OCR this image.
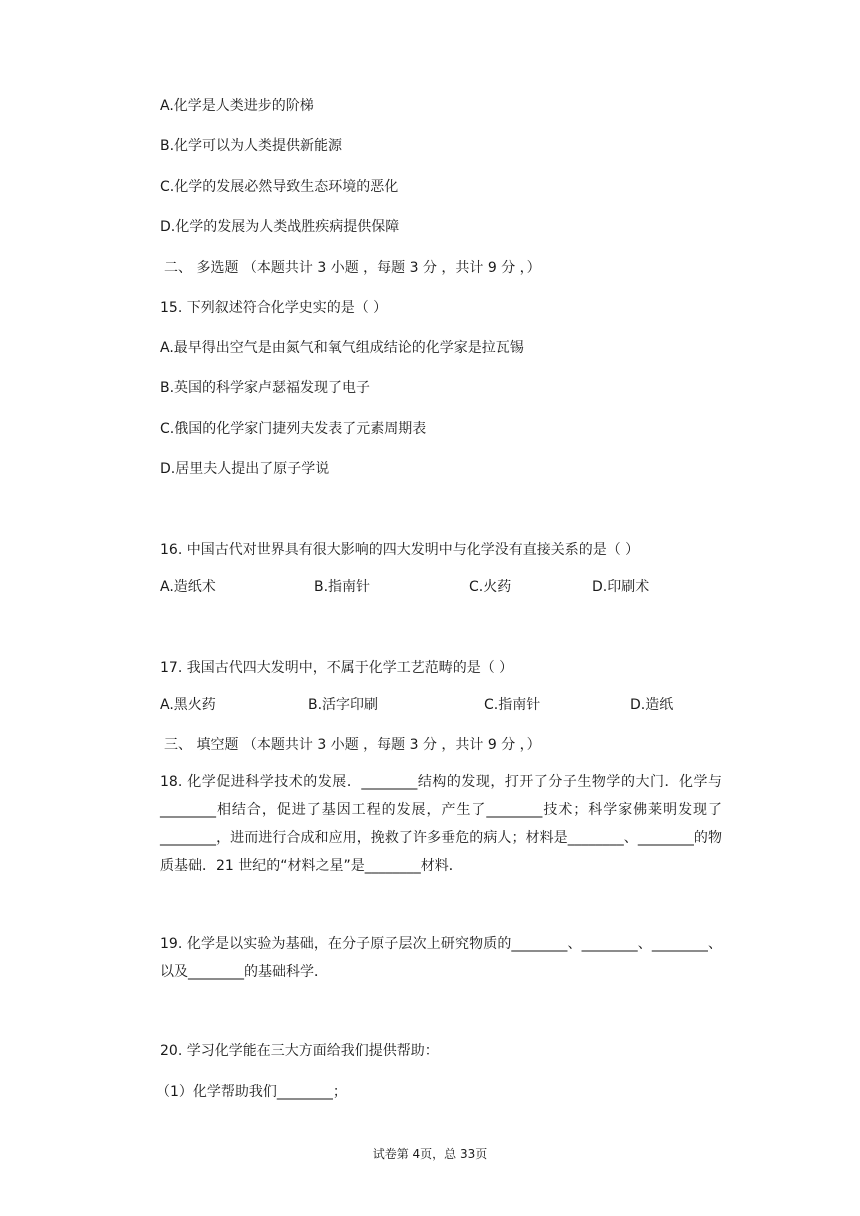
A.化学是人类进步的阶梯
B.化学可以为人类提供新能源
C.化学的发展必然导致生态环境的恶化
D.化学的发展为人类战胜疾病提供保障
二、 多选题 （本题共计 3 小题 ，每题 3 分 ，共计 9 分 ，）
15. 下列叙述符合化学史实的是（ ）
A.最早得出空气是由氮气和氧气组成结论的化学家是拉瓦锡
B.英国的科学家卢瑟福发现了电子
C.俄国的化学家门捷列夫发表了元素周期表
D.居里夫人提出了原子学说
16. 中国古代对世界具有很大影响的四大发明中与化学没有直接关系的是（ ）
A.造纸术	B.指南针	C.火药	D.印刷术
17. 我国古代四大发明中，不属于化学工艺范畴的是（ ）
A.黑火药	B.活字印刷	C.指南针	D.造纸
三、 填空题 （本题共计 3 小题 ，每题 3 分 ，共计 9 分 ，）
18. 化学促进科学技术的发展．________结构的发现，打开了分子生物学的大门．化学与________相结合，促进了基因工程的发展，产生了________技术；科学家佛莱明发现了________，进而进行合成和应用，挽救了许多垂危的病人；材料是________、________的物质基础．21 世纪的“材料之星”是________材料．
19. 化学是以实验为基础，在分子原子层次上研究物质的________、________、________、以及________的基础科学．
20. 学习化学能在三大方面给我们提供帮助：
（1）化学帮助我们________；
试卷第 4页，总 33页
